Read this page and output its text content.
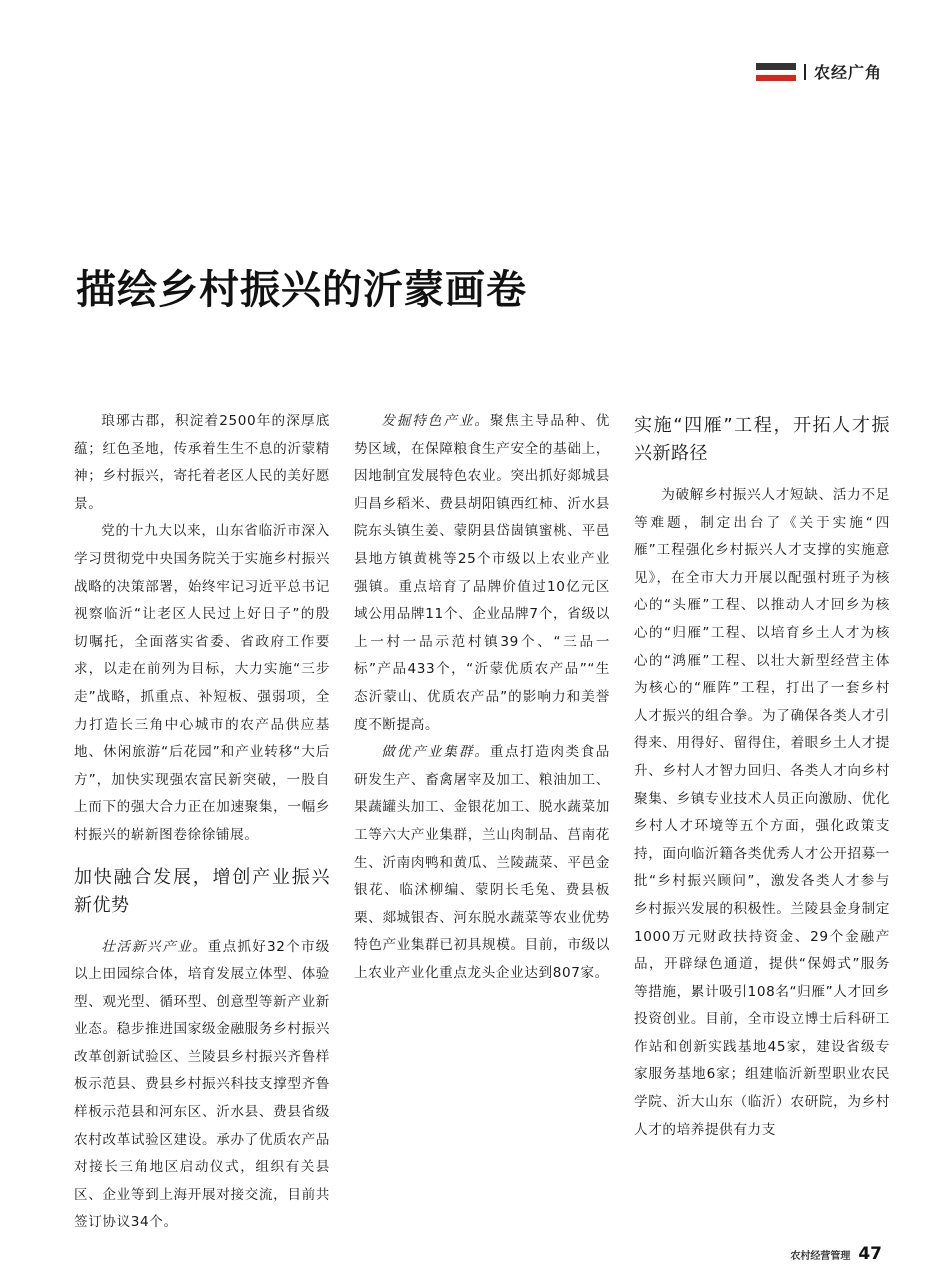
农经广角
描绘乡村振兴的沂蒙画卷

琅琊古郡，积淀着2500年的深厚底蕴；红色圣地，传承着生生不息的沂蒙精神；乡村振兴，寄托着老区人民的美好愿景。

党的十九大以来，山东省临沂市深入学习贯彻党中央国务院关于实施乡村振兴战略的决策部署，始终牢记习近平总书记视察临沂“让老区人民过上好日子”的殷切嘱托，全面落实省委、省政府工作要求，以走在前列为目标，大力实施“三步走”战略，抓重点、补短板、强弱项，全力打造长三角中心城市的农产品供应基地、休闲旅游“后花园”和产业转移“大后方”，加快实现强农富民新突破，一股自上而下的强大合力正在加速聚集，一幅乡村振兴的崭新图卷徐徐铺展。

加快融合发展，增创产业振兴新优势

壮活新兴产业。重点抓好32个市级以上田园综合体，培育发展立体型、体验型、观光型、循环型、创意型等新产业新业态。稳步推进国家级金融服务乡村振兴改革创新试验区、兰陵县乡村振兴齐鲁样板示范县、费县乡村振兴科技支撑型齐鲁样板示范县和河东区、沂水县、费县省级农村改革试验区建设。承办了优质农产品对接长三角地区启动仪式，组织有关县区、企业等到上海开展对接交流，目前共签订协议34个。

发掘特色产业。聚焦主导品种、优势区域，在保障粮食生产安全的基础上，因地制宜发展特色农业。突出抓好郯城县归昌乡稻米、费县胡阳镇西红柿、沂水县院东头镇生姜、蒙阴县岱崮镇蜜桃、平邑县地方镇黄桃等25个市级以上农业产业强镇。重点培育了品牌价值过10亿元区域公用品牌11个、企业品牌7个，省级以上一村一品示范村镇39个、“三品一标”产品433个，“沂蒙优质农产品”“生态沂蒙山、优质农产品”的影响力和美誉度不断提高。

做优产业集群。重点打造肉类食品研发生产、畜禽屠宰及加工、粮油加工、果蔬罐头加工、金银花加工、脱水蔬菜加工等六大产业集群，兰山肉制品、莒南花生、沂南肉鸭和黄瓜、兰陵蔬菜、平邑金银花、临沭柳编、蒙阴长毛兔、费县板栗、郯城银杏、河东脱水蔬菜等农业优势特色产业集群已初具规模。目前，市级以上农业产业化重点龙头企业达到807家。

实施“四雁”工程，开拓人才振兴新路径

为破解乡村振兴人才短缺、活力不足等难题，制定出台了《关于实施“四雁”工程强化乡村振兴人才支撑的实施意见》，在全市大力开展以配强村班子为核心的“头雁”工程、以推动人才回乡为核心的“归雁”工程、以培育乡土人才为核心的“鸿雁”工程、以壮大新型经营主体为核心的“雁阵”工程，打出了一套乡村人才振兴的组合拳。为了确保各类人才引得来、用得好、留得住，着眼乡土人才提升、乡村人才智力回归、各类人才向乡村聚集、乡镇专业技术人员正向激励、优化乡村人才环境等五个方面，强化政策支持，面向临沂籍各类优秀人才公开招募一批“乡村振兴顾问”，激发各类人才参与乡村振兴发展的积极性。兰陵县金身制定1000万元财政扶持资金、29个金融产品，开辟绿色通道，提供“保姆式”服务等措施，累计吸引108名“归雁”人才回乡投资创业。目前，全市设立博士后科研工作站和创新实践基地45家，建设省级专家服务基地6家；组建临沂新型职业农民学院、沂大山东（临沂）农研院，为乡村人才的培养提供有力支

农村经营管理 47
